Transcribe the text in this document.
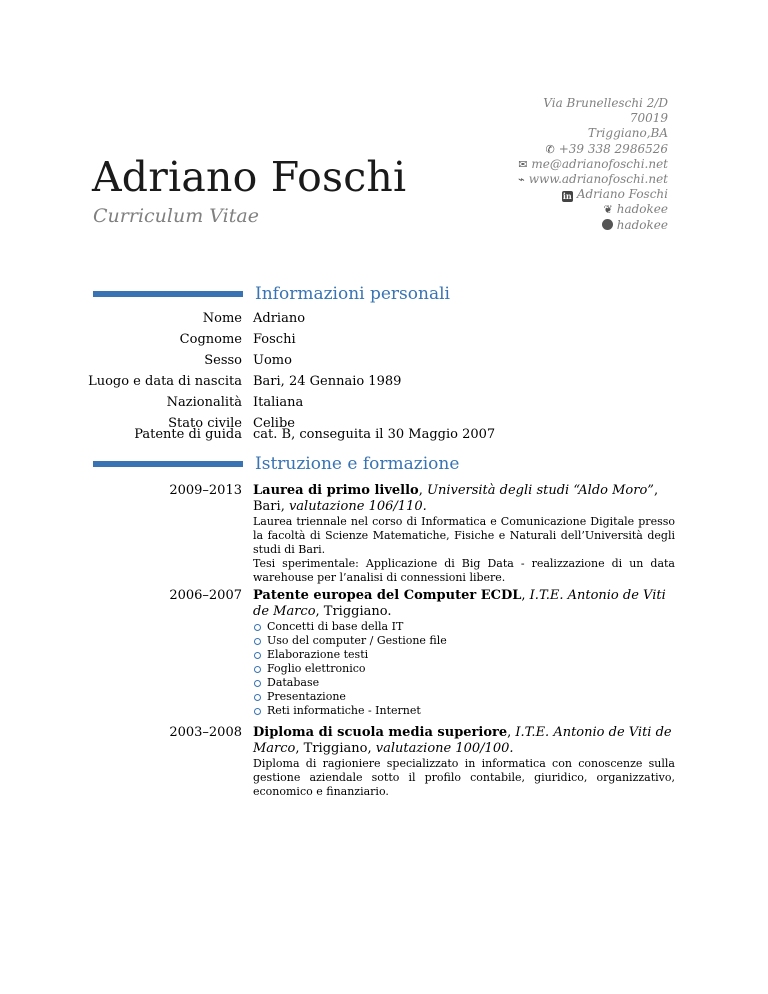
Adriano Foschi
Curriculum Vitae
Via Brunelleschi 2/D
70019
Triggiano,BA
✆ +39 338 2986526
✉ me@adrianofoschi.net
⌁ www.adrianofoschi.net
in Adriano Foschi
❦ hadokee
hadokee
Informazioni personali
Nome Adriano
Cognome Foschi
Sesso Uomo
Luogo e data di nascita Bari, 24 Gennaio 1989
Nazionalità Italiana
Stato civile Celibe
Patente di guida cat. B, conseguita il 30 Maggio 2007
Istruzione e formazione
2009–2013 Laurea di primo livello, Università degli studi “Aldo Moro”, Bari, valutazione 106/110.
Laurea triennale nel corso di Informatica e Comunicazione Digitale presso la facoltà di Scienze Matematiche, Fisiche e Naturali dell’Università degli studi di Bari.
Tesi sperimentale: Applicazione di Big Data - realizzazione di un data warehouse per l’analisi di connessioni libere.
2006–2007 Patente europea del Computer ECDL, I.T.E. Antonio de Viti de Marco, Triggiano.
Concetti di base della IT
Uso del computer / Gestione file
Elaborazione testi
Foglio elettronico
Database
Presentazione
Reti informatiche - Internet
2003–2008 Diploma di scuola media superiore, I.T.E. Antonio de Viti de Marco, Triggiano, valutazione 100/100.
Diploma di ragioniere specializzato in informatica con conoscenze sulla gestione aziendale sotto il profilo contabile, giuridico, organizzativo, economico e finanziario.
